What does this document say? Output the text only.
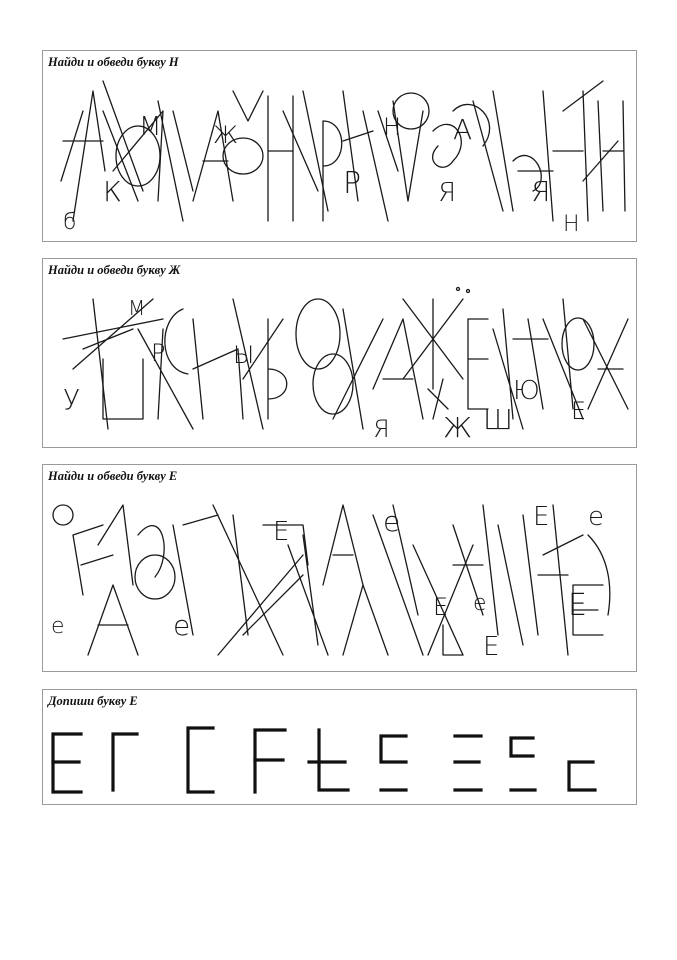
Найди и обведи букву Н
К
М Ж
Р
Н А
Я	Я
Н
б
Найди и обведи букву Ж
У
М
Р	Ы
Я Ж Ш
Ю
Е
Найди и обведи букву Е
е	е
Е	е
Е е
Е
Е е
Е
Допиши букву Е
